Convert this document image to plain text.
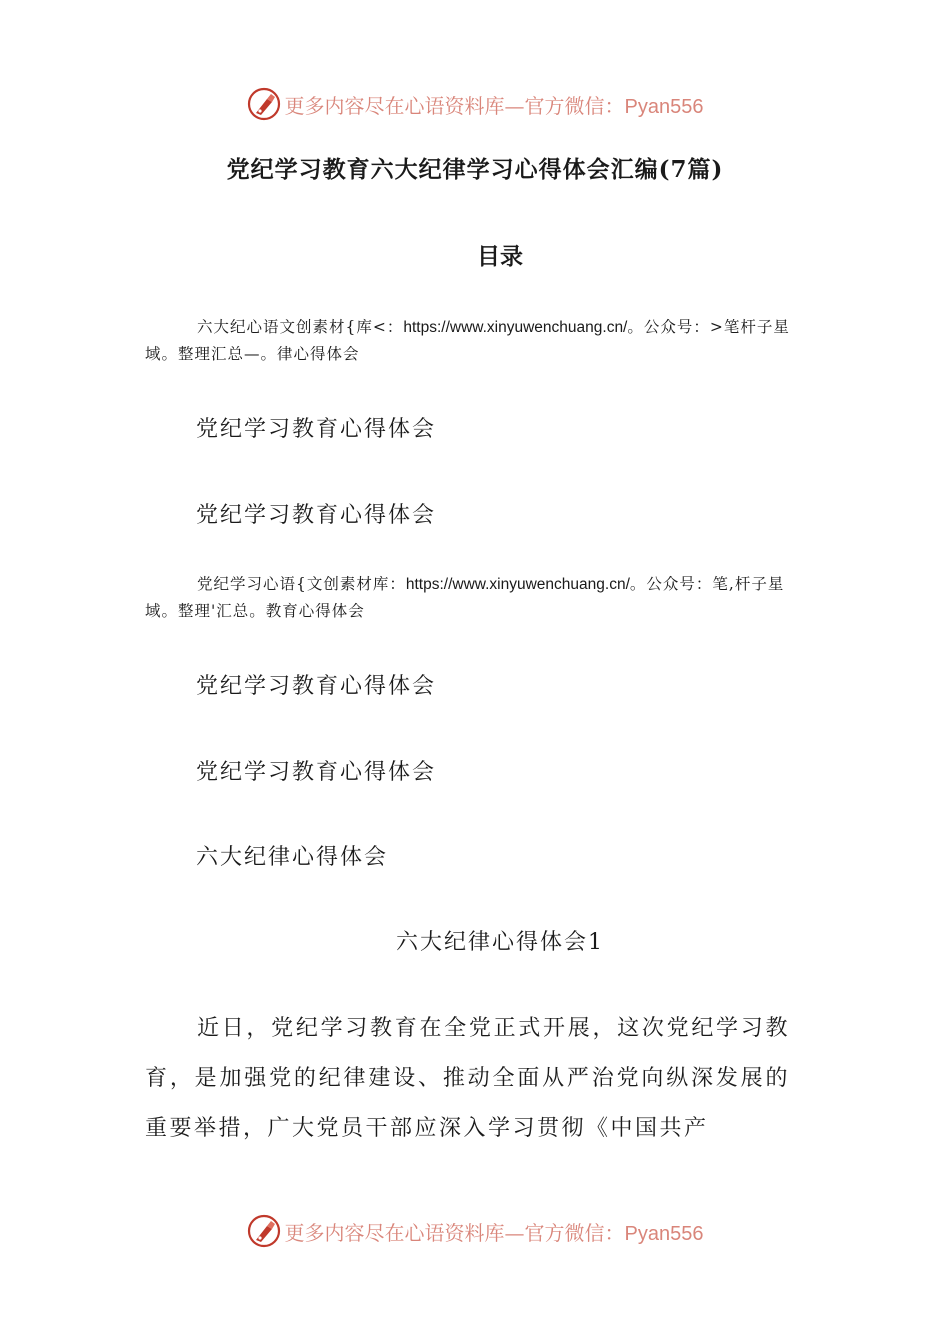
更多内容尽在心语资料库—官方微信：Pyan556
党纪学习教育六大纪律学习心得体会汇编(7篇)
目录
六大纪心语文创素材{库<：https://www.xinyuwenchuang.cn/。公众号：>笔杆子星域。整理汇总—。律心得体会
党纪学习教育心得体会
党纪学习教育心得体会
党纪学习心语{文创素材库：https://www.xinyuwenchuang.cn/。公众号：笔,杆子星域。整理'汇总。教育心得体会
党纪学习教育心得体会
党纪学习教育心得体会
六大纪律心得体会
六大纪律心得体会1
近日，党纪学习教育在全党正式开展，这次党纪学习教育，是加强党的纪律建设、推动全面从严治党向纵深发展的重要举措，广大党员干部应深入学习贯彻《中国共产
更多内容尽在心语资料库—官方微信：Pyan556
